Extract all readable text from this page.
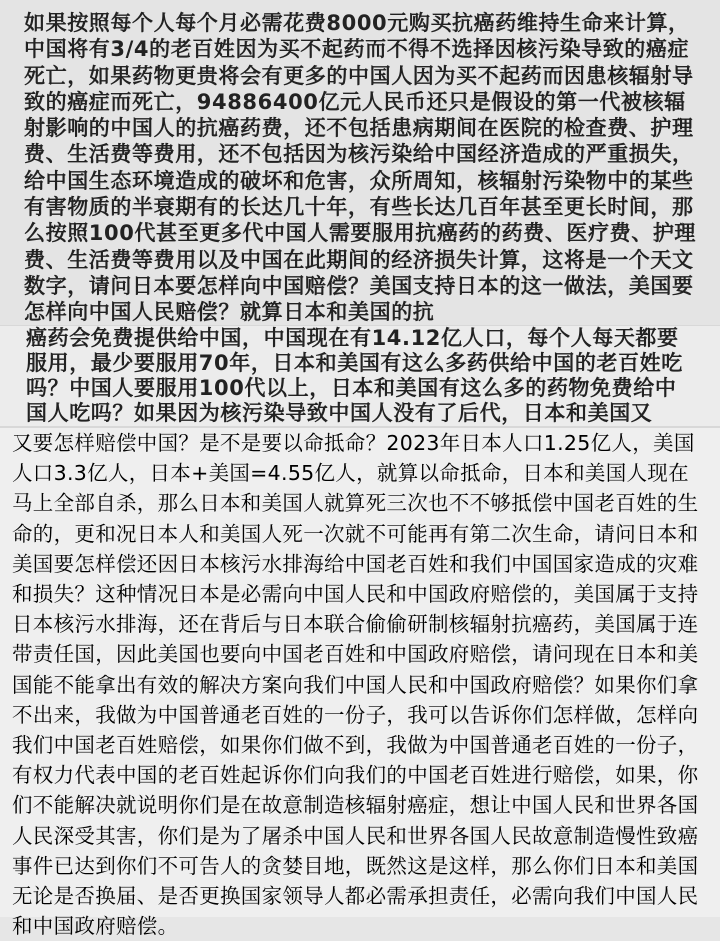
如果按照每个人每个月必需花费8000元购买抗癌药维持生命来计算，中国将有3/4的老百姓因为买不起药而不得不选择因核污染导致的癌症死亡，如果药物更贵将会有更多的中国人因为买不起药而因患核辐射导致的癌症而死亡，94886400亿元人民币还只是假设的第一代被核辐射影响的中国人的抗癌药费，还不包括患病期间在医院的检查费、护理费、生活费等费用，还不包括因为核污染给中国经济造成的严重损失，给中国生态环境造成的破坏和危害，众所周知，核辐射污染物中的某些有害物质的半衰期有的长达几十年，有些长达几百年甚至更长时间，那么按照100代甚至更多代中国人需要服用抗癌药的药费、医疗费、护理费、生活费等费用以及中国在此期间的经济损失计算，这将是一个天文数字，请问日本要怎样向中国赔偿？美国支持日本的这一做法，美国要怎样向中国人民赔偿？就算日本和美国的抗

癌药会免费提供给中国，中国现在有14.12亿人口，每个人每天都要服用，最少要服用70年，日本和美国有这么多药供给中国的老百姓吃吗？中国人要服用100代以上，日本和美国有这么多的药物免费给中国人吃吗？如果因为核污染导致中国人没有了后代，日本和美国又

又要怎样赔偿中国？是不是要以命抵命？2023年日本人口1.25亿人，美国人口3.3亿人，日本+美国=4.55亿人，就算以命抵命，日本和美国人现在马上全部自杀，那么日本和美国人就算死三次也不不够抵偿中国老百姓的生命的，更和况日本人和美国人死一次就不可能再有第二次生命，请问日本和美国要怎样偿还因日本核污水排海给中国老百姓和我们中国国家造成的灾难和损失？这种情况日本是必需向中国人民和中国政府赔偿的，美国属于支持日本核污水排海，还在背后与日本联合偷偷研制核辐射抗癌药，美国属于连带责任国，因此美国也要向中国老百姓和中国政府赔偿，请问现在日本和美国能不能拿出有效的解决方案向我们中国人民和中国政府赔偿？如果你们拿不出来，我做为中国普通老百姓的一份子，我可以告诉你们怎样做，怎样向我们中国老百姓赔偿，如果你们做不到，我做为中国普通老百姓的一份子，有权力代表中国的老百姓起诉你们向我们的中国老百姓进行赔偿，如果，你们不能解决就说明你们是在故意制造核辐射癌症，想让中国人民和世界各国人民深受其害，你们是为了屠杀中国人民和世界各国人民故意制造慢性致癌事件已达到你们不可告人的贪婪目地，既然这是这样，那么你们日本和美国无论是否换届、是否更换国家领导人都必需承担责任，必需向我们中国人民和中国政府赔偿。
